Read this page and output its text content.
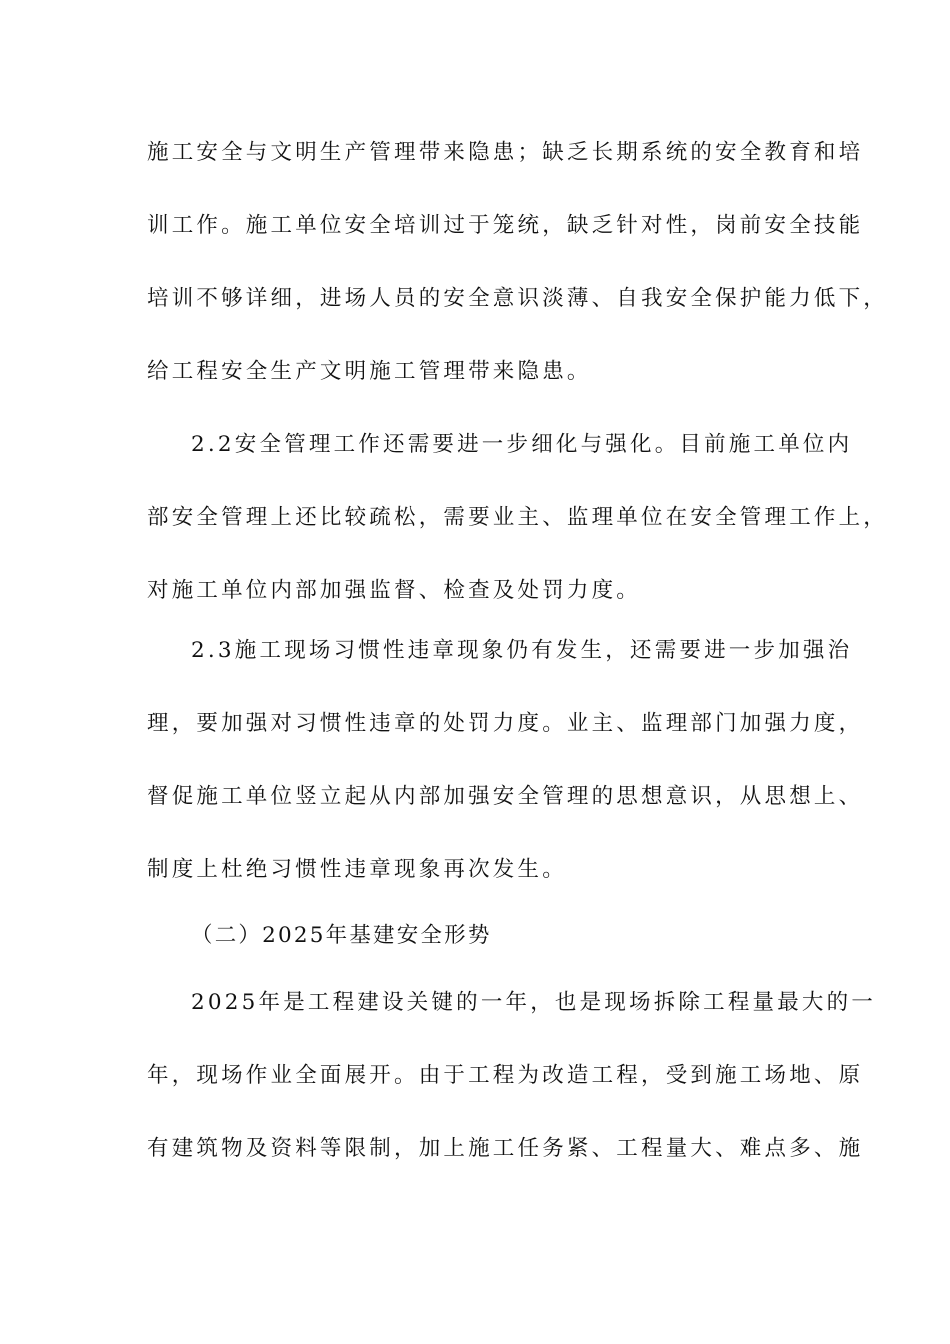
施工安全与文明生产管理带来隐患；缺乏长期系统的安全教育和培
训工作。施工单位安全培训过于笼统，缺乏针对性，岗前安全技能
培训不够详细，进场人员的安全意识淡薄、自我安全保护能力低下，
给工程安全生产文明施工管理带来隐患。
2.2安全管理工作还需要进一步细化与强化。目前施工单位内
部安全管理上还比较疏松，需要业主、监理单位在安全管理工作上，
对施工单位内部加强监督、检查及处罚力度。
2.3施工现场习惯性违章现象仍有发生，还需要进一步加强治
理，要加强对习惯性违章的处罚力度。业主、监理部门加强力度，
督促施工单位竖立起从内部加强安全管理的思想意识，从思想上、
制度上杜绝习惯性违章现象再次发生。
（二）2025年基建安全形势
2025年是工程建设关键的一年，也是现场拆除工程量最大的一
年，现场作业全面展开。由于工程为改造工程，受到施工场地、原
有建筑物及资料等限制，加上施工任务紧、工程量大、难点多、施
